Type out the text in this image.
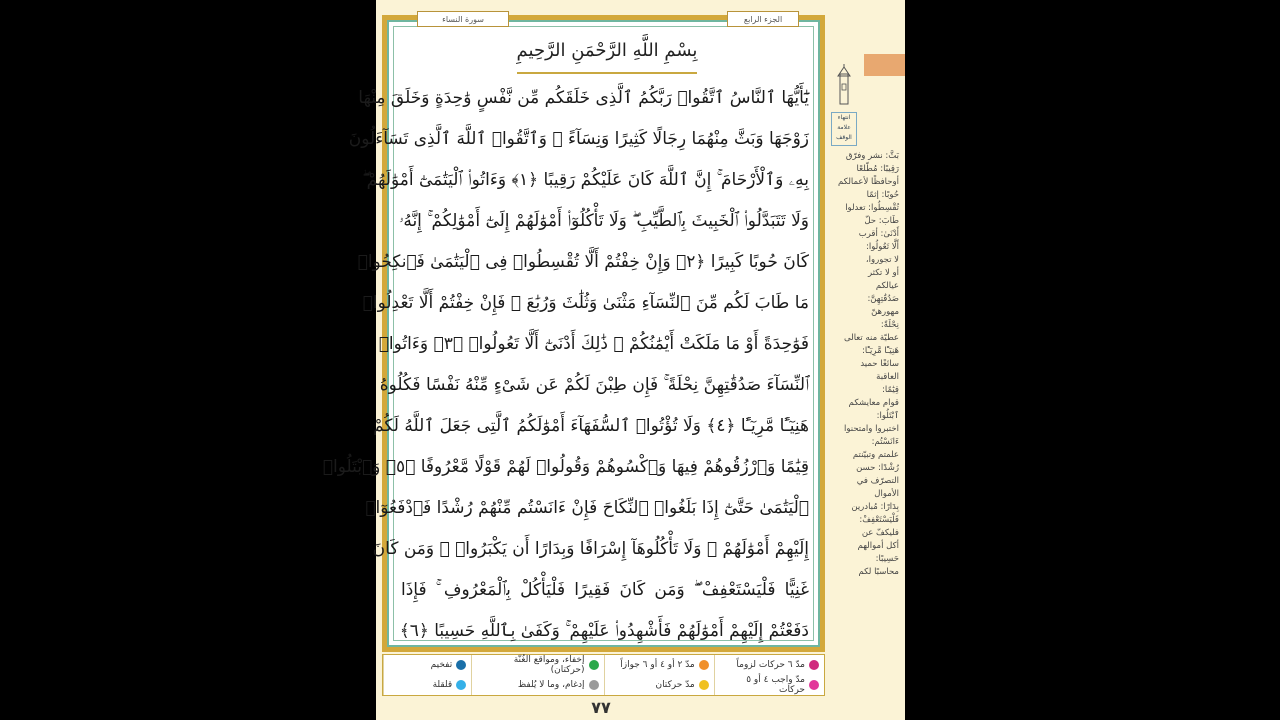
الجزء الرابع
سورة النساء
بِسْمِ اللَّهِ الرَّحْمَنِ الرَّحِيمِ
يَٰٓأَيُّهَا ٱلنَّاسُ ٱتَّقُوا۟ رَبَّكُمُ ٱلَّذِى خَلَقَكُم مِّن نَّفْسٍ وَٰحِدَةٍ وَخَلَقَ مِنْهَا
زَوْجَهَا وَبَثَّ مِنْهُمَا رِجَالًا كَثِيرًا وَنِسَآءً ۚ وَٱتَّقُوا۟ ٱللَّهَ ٱلَّذِى تَسَآءَلُونَ
بِهِۦ وَٱلْأَرْحَامَ ۚ إِنَّ ٱللَّهَ كَانَ عَلَيْكُمْ رَقِيبًا ﴿١﴾ وَءَاتُوا۟ ٱلْيَتَٰمَىٰٓ أَمْوَٰلَهُمْ ۖ
وَلَا تَتَبَدَّلُوا۟ ٱلْخَبِيثَ بِٱلطَّيِّبِ ۖ وَلَا تَأْكُلُوٓا۟ أَمْوَٰلَهُمْ إِلَىٰٓ أَمْوَٰلِكُمْ ۚ إِنَّهُۥ
كَانَ حُوبًا كَبِيرًا ﴿٢﴾ وَإِنْ خِفْتُمْ أَلَّا تُقْسِطُوا۟ فِى ٱلْيَتَٰمَىٰ فَٱنكِحُوا۟
مَا طَابَ لَكُم مِّنَ ٱلنِّسَآءِ مَثْنَىٰ وَثُلَٰثَ وَرُبَٰعَ ۖ فَإِنْ خِفْتُمْ أَلَّا تَعْدِلُوا۟
فَوَٰحِدَةً أَوْ مَا مَلَكَتْ أَيْمَٰنُكُمْ ۚ ذَٰلِكَ أَدْنَىٰٓ أَلَّا تَعُولُوا۟ ﴿٣﴾ وَءَاتُوا۟
ٱلنِّسَآءَ صَدُقَٰتِهِنَّ نِحْلَةً ۚ فَإِن طِبْنَ لَكُمْ عَن شَىْءٍ مِّنْهُ نَفْسًا فَكُلُوهُ
هَنِيٓـًٔا مَّرِيٓـًٔا ﴿٤﴾ وَلَا تُؤْتُوا۟ ٱلسُّفَهَآءَ أَمْوَٰلَكُمُ ٱلَّتِى جَعَلَ ٱللَّهُ لَكُمْ
قِيَٰمًا وَٱرْزُقُوهُمْ فِيهَا وَٱكْسُوهُمْ وَقُولُوا۟ لَهُمْ قَوْلًا مَّعْرُوفًا ﴿٥﴾ وَٱبْتَلُوا۟
ٱلْيَتَٰمَىٰ حَتَّىٰٓ إِذَا بَلَغُوا۟ ٱلنِّكَاحَ فَإِنْ ءَانَسْتُم مِّنْهُمْ رُشْدًا فَٱدْفَعُوٓا۟
إِلَيْهِمْ أَمْوَٰلَهُمْ ۖ وَلَا تَأْكُلُوهَآ إِسْرَافًا وَبِدَارًا أَن يَكْبَرُوا۟ ۚ وَمَن كَانَ
غَنِيًّا فَلْيَسْتَعْفِفْ ۖ وَمَن كَانَ فَقِيرًا فَلْيَأْكُلْ بِٱلْمَعْرُوفِ ۚ فَإِذَا
دَفَعْتُمْ إِلَيْهِمْ أَمْوَٰلَهُمْ فَأَشْهِدُوا۟ عَلَيْهِمْ ۚ وَكَفَىٰ بِٱللَّهِ حَسِيبًا ﴿٦﴾
مدّ ٦ حركات لزوماً
مدّ ٢ أو ٤ أو ٦ جوازاً
إخفاء، ومواقع الغُنّة (حركتان)
تفخيم
مدّ واجب ٤ أو ٥ حركات
مدّ حركتان
إدغام، وما لا يُلفظ
قلقلة
٧٧
بَثَّ: نشر وفرّق
رَقِيبًا: مُطّلعًا
أوحافظًا لأعمالكم
حُوبًا: إثمًا
تُقْسِطُوا: تعدلوا
طَابَ: حلّ
أَدْنَىٰ: أقرب
أَلَّا تَعُولُوا:
لا تجوروا،
أو لا تكثر
عيالكم
صَدُقَٰتِهِنَّ:
مهورهنّ
نِحْلَةً:
عطيّة منه تعالى
هَنِيٓـًٔا مَّرِيٓـًٔا:
سائغًا حميد
العاقبة
قِيَٰمًا:
قوام معايشكم
ٱبْتَلُوا:
اختبروا وامتحنوا
ءَانَسْتُم:
علمتم وتبيّنتم
رُشْدًا: حسن
التصرّف في
الأموال
بِدَارًا: مُبادرين
فَلْيَسْتَعْفِفْ:
فليكفّ عن
أكل أموالهم
حَسِيبًا:
محاسبًا لكم
انتهاء علامة الوقف
